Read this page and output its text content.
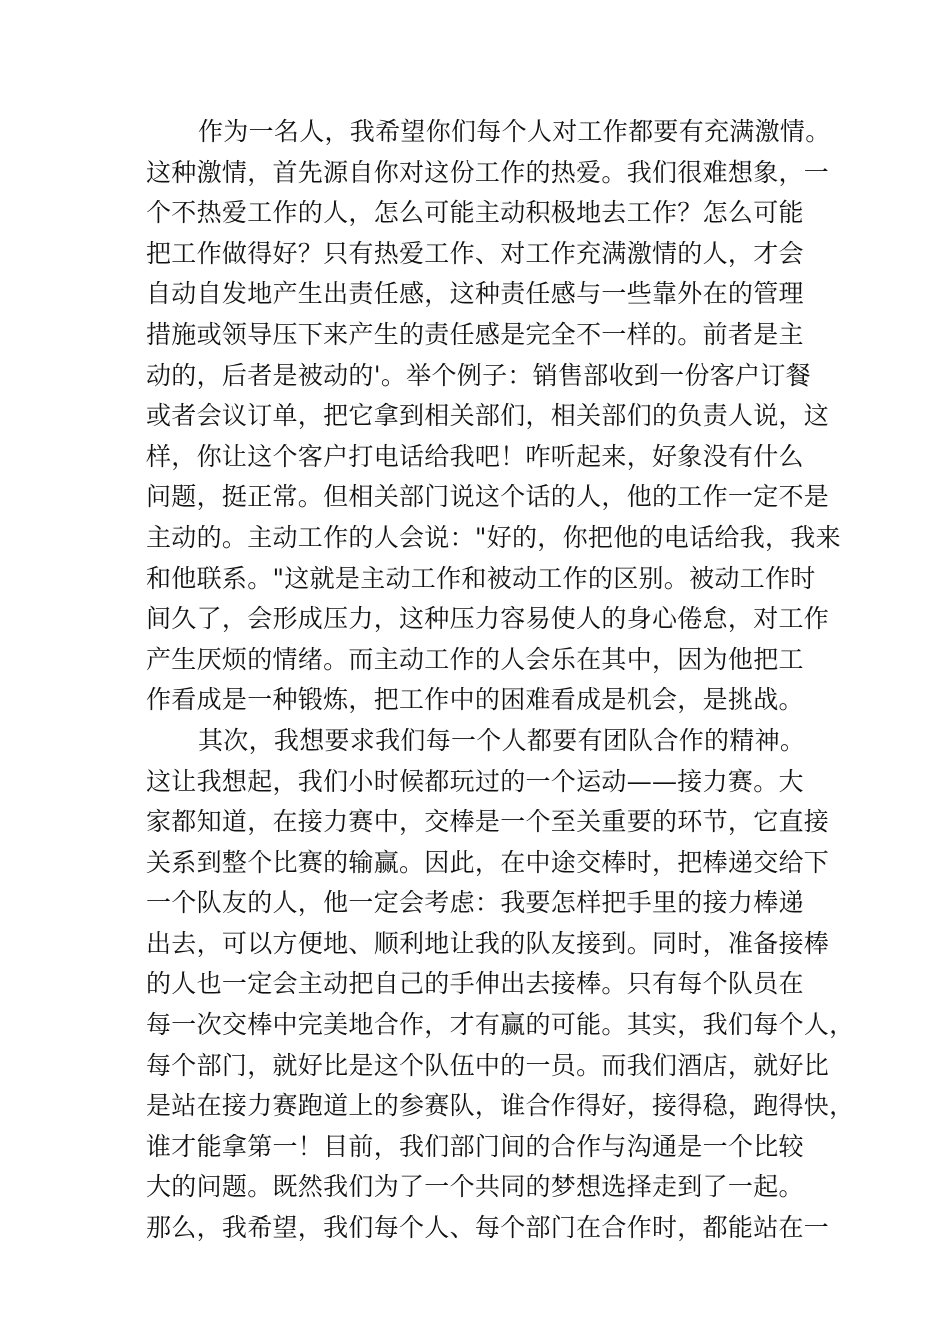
作为一名人，我希望你们每个人对工作都要有充满激情。
这种激情，首先源自你对这份工作的热爱。我们很难想象，一
个不热爱工作的人，怎么可能主动积极地去工作？怎么可能
把工作做得好？只有热爱工作、对工作充满激情的人，才会
自动自发地产生出责任感，这种责任感与一些靠外在的管理
措施或领导压下来产生的责任感是完全不一样的。前者是主
动的，后者是被动的'。举个例子：销售部收到一份客户订餐
或者会议订单，把它拿到相关部们，相关部们的负责人说，这
样，你让这个客户打电话给我吧！咋听起来，好象没有什么
问题，挺正常。但相关部门说这个话的人，他的工作一定不是
主动的。主动工作的人会说："好的，你把他的电话给我，我来
和他联系。"这就是主动工作和被动工作的区别。被动工作时
间久了，会形成压力，这种压力容易使人的身心倦怠，对工作
产生厌烦的情绪。而主动工作的人会乐在其中，因为他把工
作看成是一种锻炼，把工作中的困难看成是机会，是挑战。
其次，我想要求我们每一个人都要有团队合作的精神。
这让我想起，我们小时候都玩过的一个运动——接力赛。大
家都知道，在接力赛中，交棒是一个至关重要的环节，它直接
关系到整个比赛的输赢。因此，在中途交棒时，把棒递交给下
一个队友的人，他一定会考虑：我要怎样把手里的接力棒递
出去，可以方便地、顺利地让我的队友接到。同时，准备接棒
的人也一定会主动把自己的手伸出去接棒。只有每个队员在
每一次交棒中完美地合作，才有赢的可能。其实，我们每个人，
每个部门，就好比是这个队伍中的一员。而我们酒店，就好比
是站在接力赛跑道上的参赛队，谁合作得好，接得稳，跑得快，
谁才能拿第一！目前，我们部门间的合作与沟通是一个比较
大的问题。既然我们为了一个共同的梦想选择走到了一起。
那么，我希望，我们每个人、每个部门在合作时，都能站在一
